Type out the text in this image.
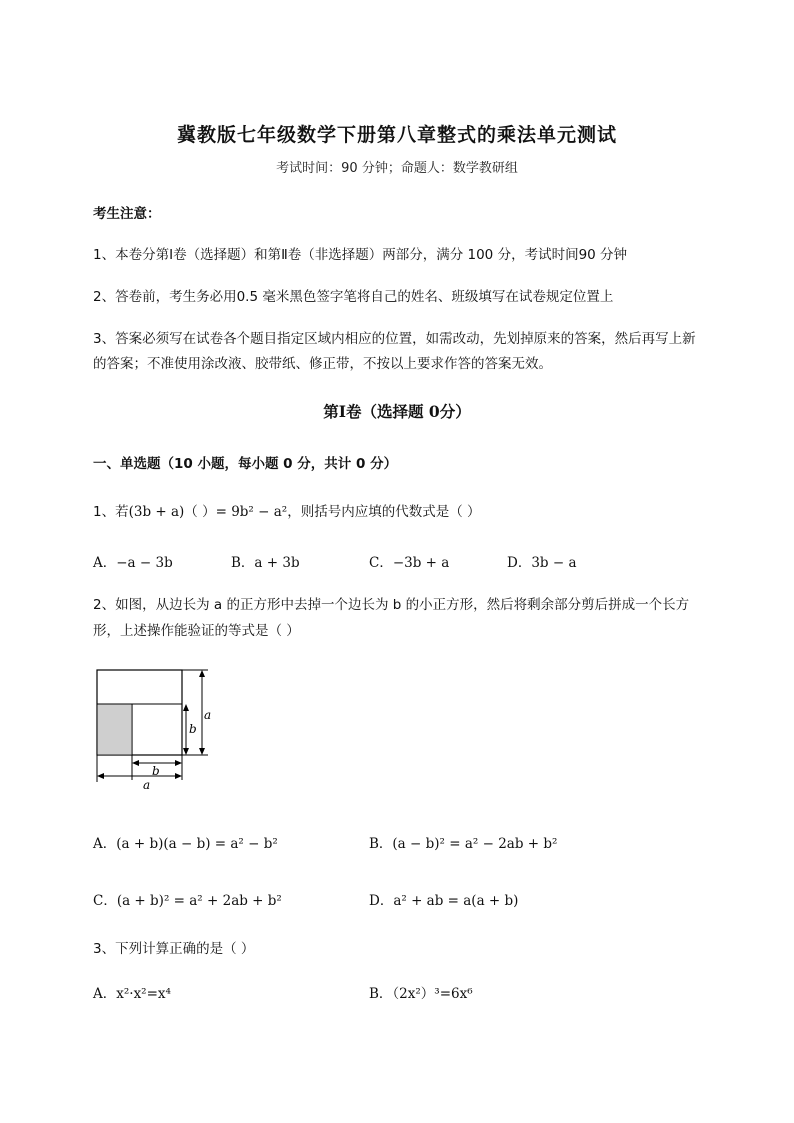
冀教版七年级数学下册第八章整式的乘法单元测试
考试时间：90 分钟；命题人：数学教研组
考生注意：
1、本卷分第Ⅰ卷（选择题）和第Ⅱ卷（非选择题）两部分，满分 100 分，考试时间90 分钟
2、答卷前，考生务必用0.5 毫米黑色签字笔将自己的姓名、班级填写在试卷规定位置上
3、答案必须写在试卷各个题目指定区域内相应的位置，如需改动，先划掉原来的答案，然后再写上新
的答案；不准使用涂改液、胶带纸、修正带，不按以上要求作答的答案无效。
第Ⅰ卷（选择题 0分）
一、单选题（10 小题，每小题 0 分，共计 0 分）
1、若(3b + a)（ ）= 9b² − a²，则括号内应填的代数式是（ ）
A．−a − 3b	B．a + 3b	C．−3b + a	D．3b − a
2、如图，从边长为 a 的正方形中去掉一个边长为 b 的小正方形，然后将剩余部分剪后拼成一个长方
形，上述操作能验证的等式是（ ）
a
b
b
a
A．(a + b)(a − b) = a² − b²	B．(a − b)² = a² − 2ab + b²
C．(a + b)² = a² + 2ab + b²	D．a² + ab = a(a + b)
3、下列计算正确的是（ ）
A．x²·x²=x⁴	B．（2x²）³=6x⁶
